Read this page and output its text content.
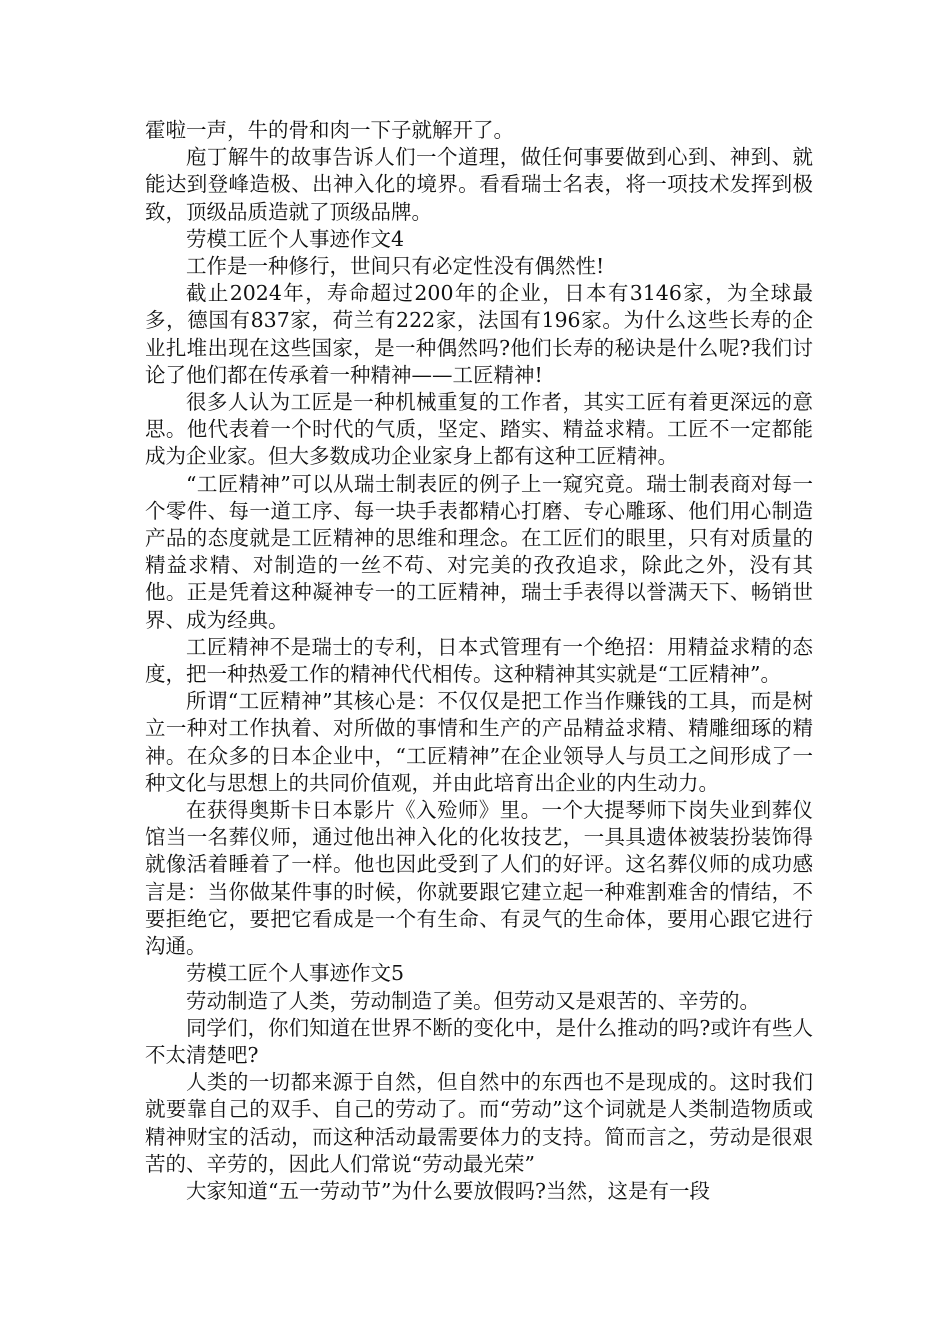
霍啦一声，牛的骨和肉一下子就解开了。

庖丁解牛的故事告诉人们一个道理，做任何事要做到心到、神到、就能达到登峰造极、出神入化的境界。看看瑞士名表，将一项技术发挥到极致，顶级品质造就了顶级品牌。

劳模工匠个人事迹作文4

工作是一种修行，世间只有必定性没有偶然性!

截止2024年，寿命超过200年的企业，日本有3146家，为全球最多，德国有837家，荷兰有222家，法国有196家。为什么这些长寿的企业扎堆出现在这些国家，是一种偶然吗?他们长寿的秘诀是什么呢?我们讨论了他们都在传承着一种精神——工匠精神!

很多人认为工匠是一种机械重复的工作者，其实工匠有着更深远的意思。他代表着一个时代的气质，坚定、踏实、精益求精。工匠不一定都能成为企业家。但大多数成功企业家身上都有这种工匠精神。

“工匠精神”可以从瑞士制表匠的例子上一窥究竟。瑞士制表商对每一个零件、每一道工序、每一块手表都精心打磨、专心雕琢、他们用心制造产品的态度就是工匠精神的思维和理念。在工匠们的眼里，只有对质量的精益求精、对制造的一丝不苟、对完美的孜孜追求，除此之外，没有其他。正是凭着这种凝神专一的工匠精神，瑞士手表得以誉满天下、畅销世界、成为经典。

工匠精神不是瑞士的专利，日本式管理有一个绝招：用精益求精的态度，把一种热爱工作的精神代代相传。这种精神其实就是“工匠精神”。

所谓“工匠精神”其核心是：不仅仅是把工作当作赚钱的工具，而是树立一种对工作执着、对所做的事情和生产的产品精益求精、精雕细琢的精神。在众多的日本企业中，“工匠精神”在企业领导人与员工之间形成了一种文化与思想上的共同价值观，并由此培育出企业的内生动力。

在获得奥斯卡日本影片《入殓师》里。一个大提琴师下岗失业到葬仪馆当一名葬仪师，通过他出神入化的化妆技艺，一具具遗体被装扮装饰得就像活着睡着了一样。他也因此受到了人们的好评。这名葬仪师的成功感言是：当你做某件事的时候，你就要跟它建立起一种难割难舍的情结，不要拒绝它，要把它看成是一个有生命、有灵气的生命体，要用心跟它进行沟通。

劳模工匠个人事迹作文5

劳动制造了人类，劳动制造了美。但劳动又是艰苦的、辛劳的。

同学们，你们知道在世界不断的变化中，是什么推动的吗?或许有些人不太清楚吧?

人类的一切都来源于自然，但自然中的东西也不是现成的。这时我们就要靠自己的双手、自己的劳动了。而“劳动”这个词就是人类制造物质或精神财宝的活动，而这种活动最需要体力的支持。简而言之，劳动是很艰苦的、辛劳的，因此人们常说“劳动最光荣”

大家知道“五一劳动节”为什么要放假吗?当然，这是有一段
